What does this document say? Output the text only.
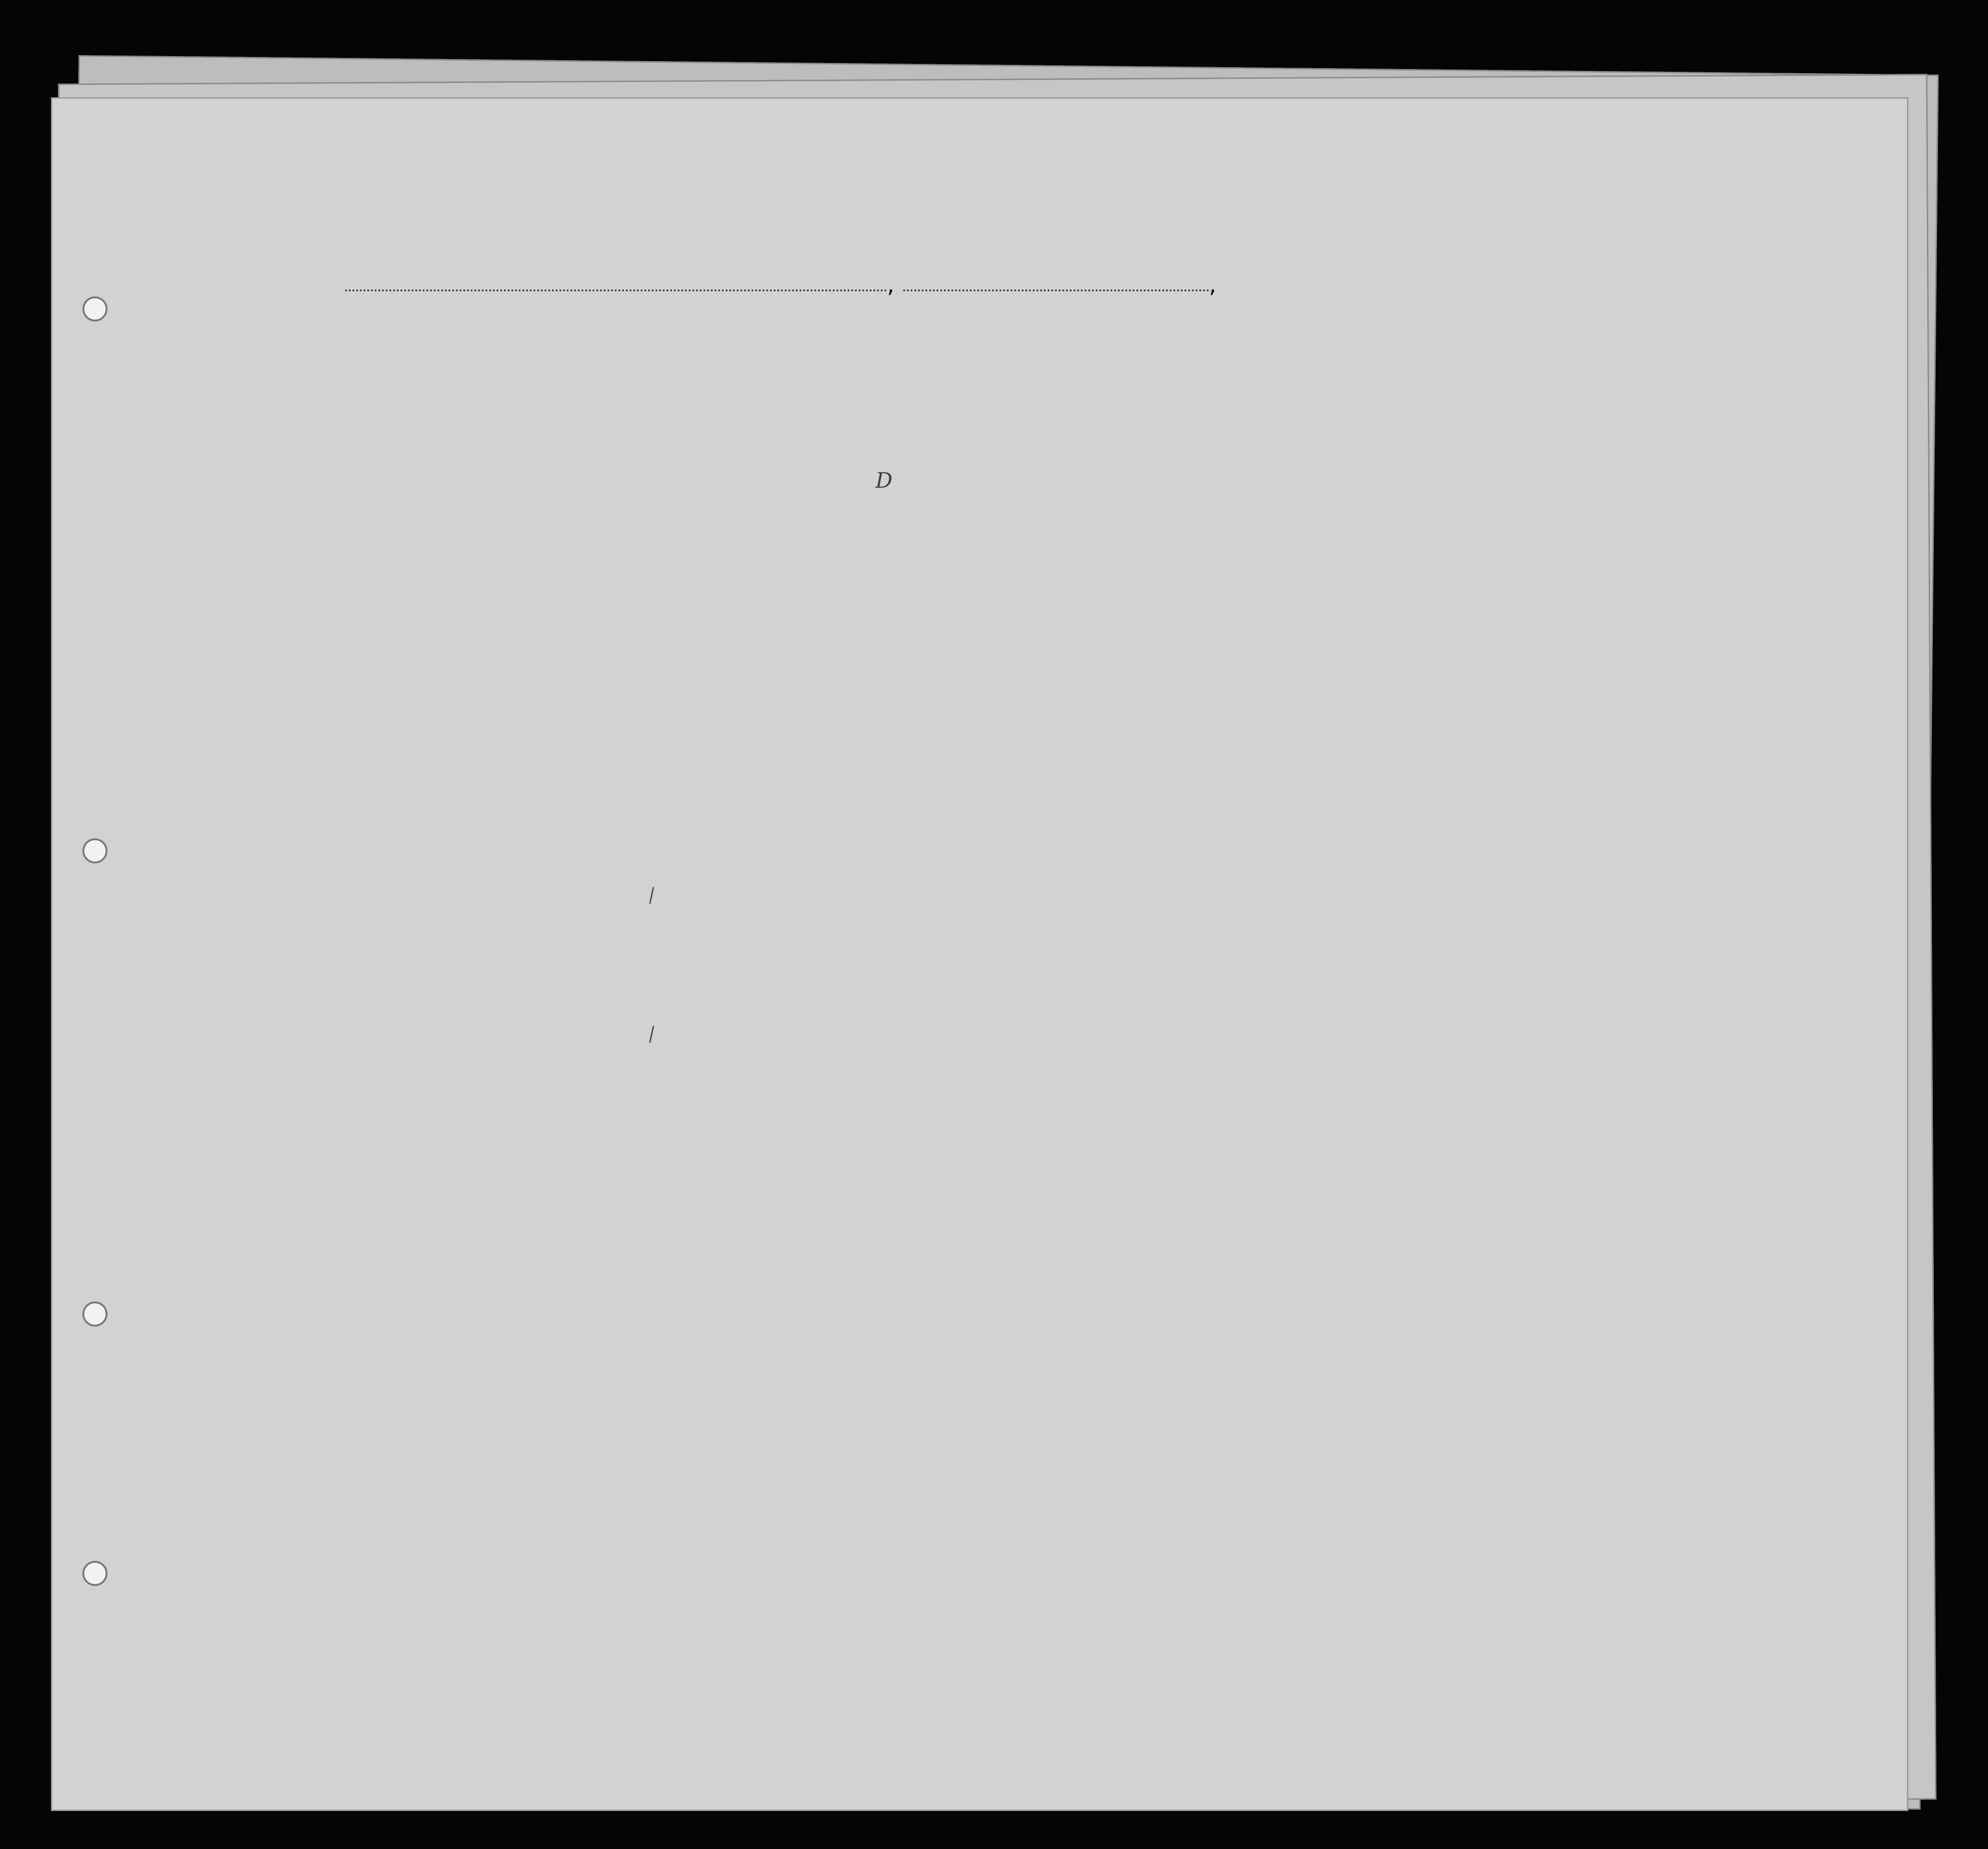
,	,
D
/
/
